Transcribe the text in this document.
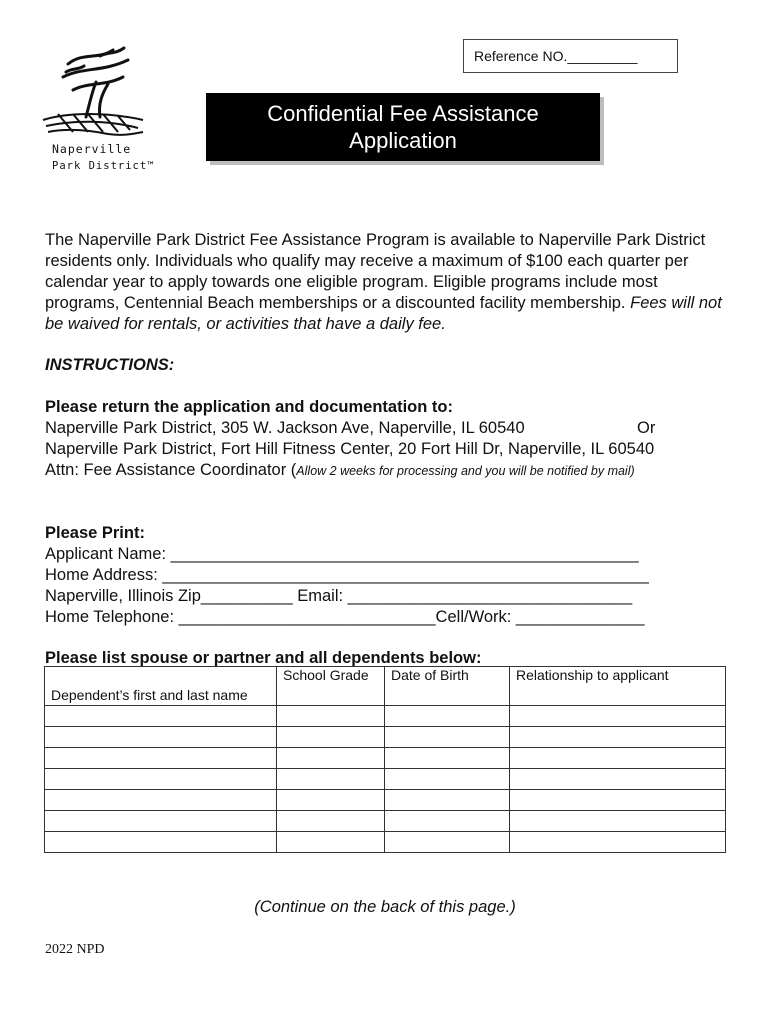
Reference NO._________
Naperville
Park District™
Confidential Fee Assistance Application
The Naperville Park District Fee Assistance Program is available to Naperville Park District residents only. Individuals who qualify may receive a maximum of $100 each quarter per calendar year to apply towards one eligible program. Eligible programs include most programs, Centennial Beach memberships or a discounted facility membership. Fees will not be waived for rentals, or activities that have a daily fee.
INSTRUCTIONS:
Please return the application and documentation to:
Naperville Park District, 305 W. Jackson Ave, Naperville, IL 60540	Or
Naperville Park District, Fort Hill Fitness Center, 20 Fort Hill Dr, Naperville, IL 60540
Attn: Fee Assistance Coordinator (Allow 2 weeks for processing and you will be notified by mail)
Please Print:
Applicant Name: ___________________________________________________
Home Address: _____________________________________________________
Naperville, Illinois Zip__________ Email: _______________________________
Home Telephone: ____________________________Cell/Work: ______________
Please list spouse or partner and all dependents below:
Dependent’s first and last name	School Grade	Date of Birth	Relationship to applicant

(Continue on the back of this page.)
2022 NPD
